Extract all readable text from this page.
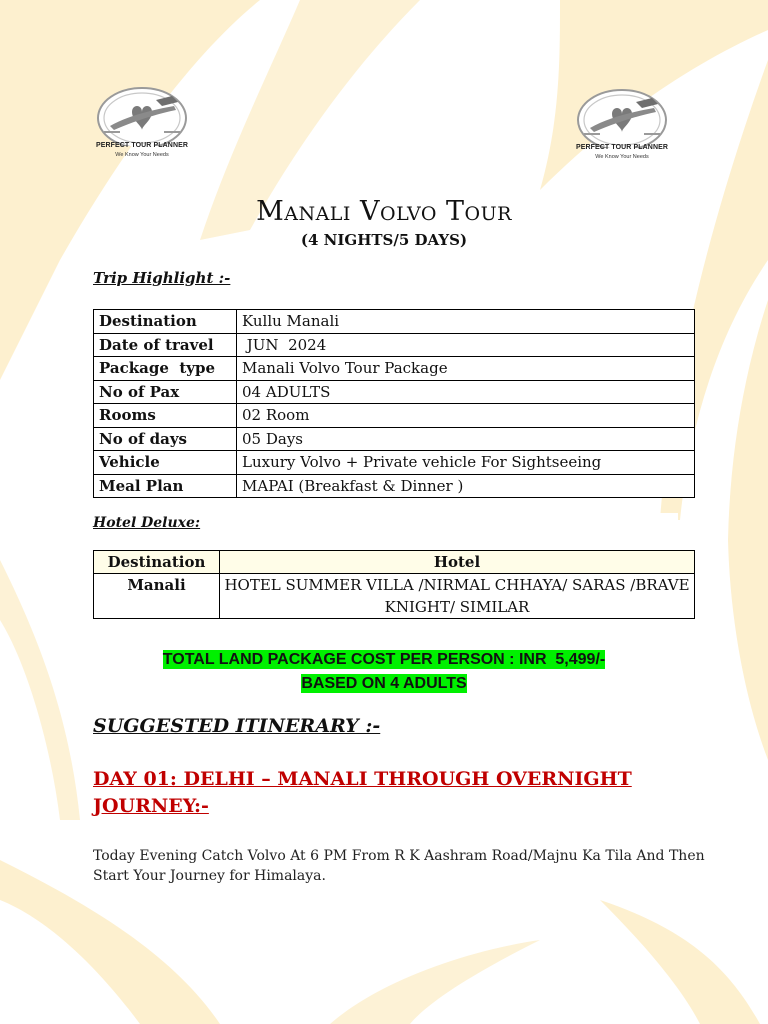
PERFECT TOUR PLANNER
We Know Your Needs
PERFECT TOUR PLANNER
We Know Your Needs
Manali Volvo Tour
(4 NIGHTS/5 DAYS)
Trip Highlight :-
Destination	Kullu Manali
Date of travel	JUN  2024
Package  type	Manali Volvo Tour Package
No of Pax	04 ADULTS
Rooms	02 Room
No of days	05 Days
Vehicle	Luxury Volvo + Private vehicle For Sightseeing
Meal Plan	MAPAI (Breakfast & Dinner )
Hotel Deluxe:
Destination	Hotel
Manali	HOTEL SUMMER VILLA /NIRMAL CHHAYA/ SARAS /BRAVE KNIGHT/ SIMILAR
TOTAL LAND PACKAGE COST PER PERSON : INR  5,499/-
BASED ON 4 ADULTS
SUGGESTED ITINERARY :-
DAY 01: DELHI – MANALI THROUGH OVERNIGHT JOURNEY:-
Today Evening Catch Volvo At 6 PM From R K Aashram Road/Majnu Ka Tila And Then Start Your Journey for Himalaya.
